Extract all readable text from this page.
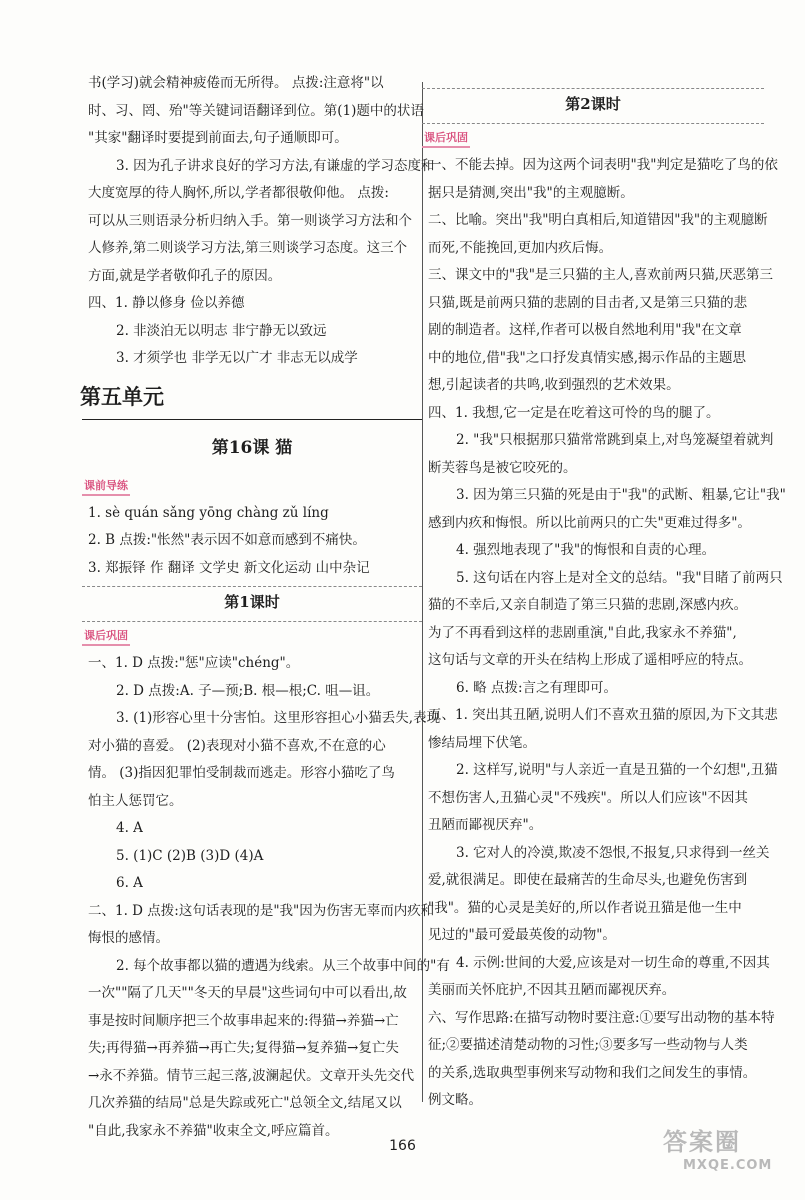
书(学习)就会精神疲倦而无所得。 点拨:注意将"以
时、习、罔、殆"等关键词语翻译到位。第(1)题中的状语
"其家"翻译时要提到前面去,句子通顺即可。
3. 因为孔子讲求良好的学习方法,有谦虚的学习态度和
大度宽厚的待人胸怀,所以,学者都很敬仰他。 点拨:
可以从三则语录分析归纳入手。第一则谈学习方法和个
人修养,第二则谈学习方法,第三则谈学习态度。这三个
方面,就是学者敬仰孔子的原因。
四、1. 静以修身 俭以养德
2. 非淡泊无以明志 非宁静无以致远
3. 才须学也 非学无以广才 非志无以成学
第五单元
第16课 猫
课前导练
1. sè quán sǎng yōng chàng zǔ líng
2. B 点拨:"怅然"表示因不如意而感到不痛快。
3. 郑振铎 作 翻译 文学史 新文化运动 山中杂记
第1课时
课后巩固
一、1. D 点拨:"惩"应读"chéng"。
2. D 点拨:A. 子—预;B. 根—根;C. 咀—诅。
3. (1)形容心里十分害怕。这里形容担心小猫丢失,表现
对小猫的喜爱。 (2)表现对小猫不喜欢,不在意的心
情。 (3)指因犯罪怕受制裁而逃走。形容小猫吃了鸟
怕主人惩罚它。
4. A
5. (1)C (2)B (3)D (4)A
6. A
二、1. D 点拨:这句话表现的是"我"因为伤害无辜而内疚和
悔恨的感情。
2. 每个故事都以猫的遭遇为线索。从三个故事中间的"有
一次""隔了几天""冬天的早晨"这些词句中可以看出,故
事是按时间顺序把三个故事串起来的:得猫→养猫→亡
失;再得猫→再养猫→再亡失;复得猫→复养猫→复亡失
→永不养猫。情节三起三落,波澜起伏。文章开头先交代
几次养猫的结局"总是失踪或死亡"总领全文,结尾又以
"自此,我家永不养猫"收束全文,呼应篇首。
第2课时
课后巩固
一、不能去掉。因为这两个词表明"我"判定是猫吃了鸟的依
据只是猜测,突出"我"的主观臆断。
二、比喻。突出"我"明白真相后,知道错因"我"的主观臆断
而死,不能挽回,更加内疚后悔。
三、课文中的"我"是三只猫的主人,喜欢前两只猫,厌恶第三
只猫,既是前两只猫的悲剧的目击者,又是第三只猫的悲
剧的制造者。这样,作者可以极自然地利用"我"在文章
中的地位,借"我"之口抒发真情实感,揭示作品的主题思
想,引起读者的共鸣,收到强烈的艺术效果。
四、1. 我想,它一定是在吃着这可怜的鸟的腿了。
2. "我"只根据那只猫常常跳到桌上,对鸟笼凝望着就判
断芙蓉鸟是被它咬死的。
3. 因为第三只猫的死是由于"我"的武断、粗暴,它让"我"
感到内疚和悔恨。所以比前两只的亡失"更难过得多"。
4. 强烈地表现了"我"的悔恨和自责的心理。
5. 这句话在内容上是对全文的总结。"我"目睹了前两只
猫的不幸后,又亲自制造了第三只猫的悲剧,深感内疚。
为了不再看到这样的悲剧重演,"自此,我家永不养猫",
这句话与文章的开头在结构上形成了遥相呼应的特点。
6. 略 点拨:言之有理即可。
五、1. 突出其丑陋,说明人们不喜欢丑猫的原因,为下文其悲
惨结局埋下伏笔。
2. 这样写,说明"与人亲近一直是丑猫的一个幻想",丑猫
不想伤害人,丑猫心灵"不残疾"。所以人们应该"不因其
丑陋而鄙视厌弃"。
3. 它对人的冷漠,欺凌不怨恨,不报复,只求得到一丝关
爱,就很满足。即使在最痛苦的生命尽头,也避免伤害到
"我"。猫的心灵是美好的,所以作者说丑猫是他一生中
见过的"最可爱最英俊的动物"。
4. 示例:世间的大爱,应该是对一切生命的尊重,不因其
美丽而关怀庇护,不因其丑陋而鄙视厌弃。
六、写作思路:在描写动物时要注意:①要写出动物的基本特
征;②要描述清楚动物的习性;③要多写一些动物与人类
的关系,选取典型事例来写动物和我们之间发生的事情。
例文略。
166	答案圈
MXQE.COM
